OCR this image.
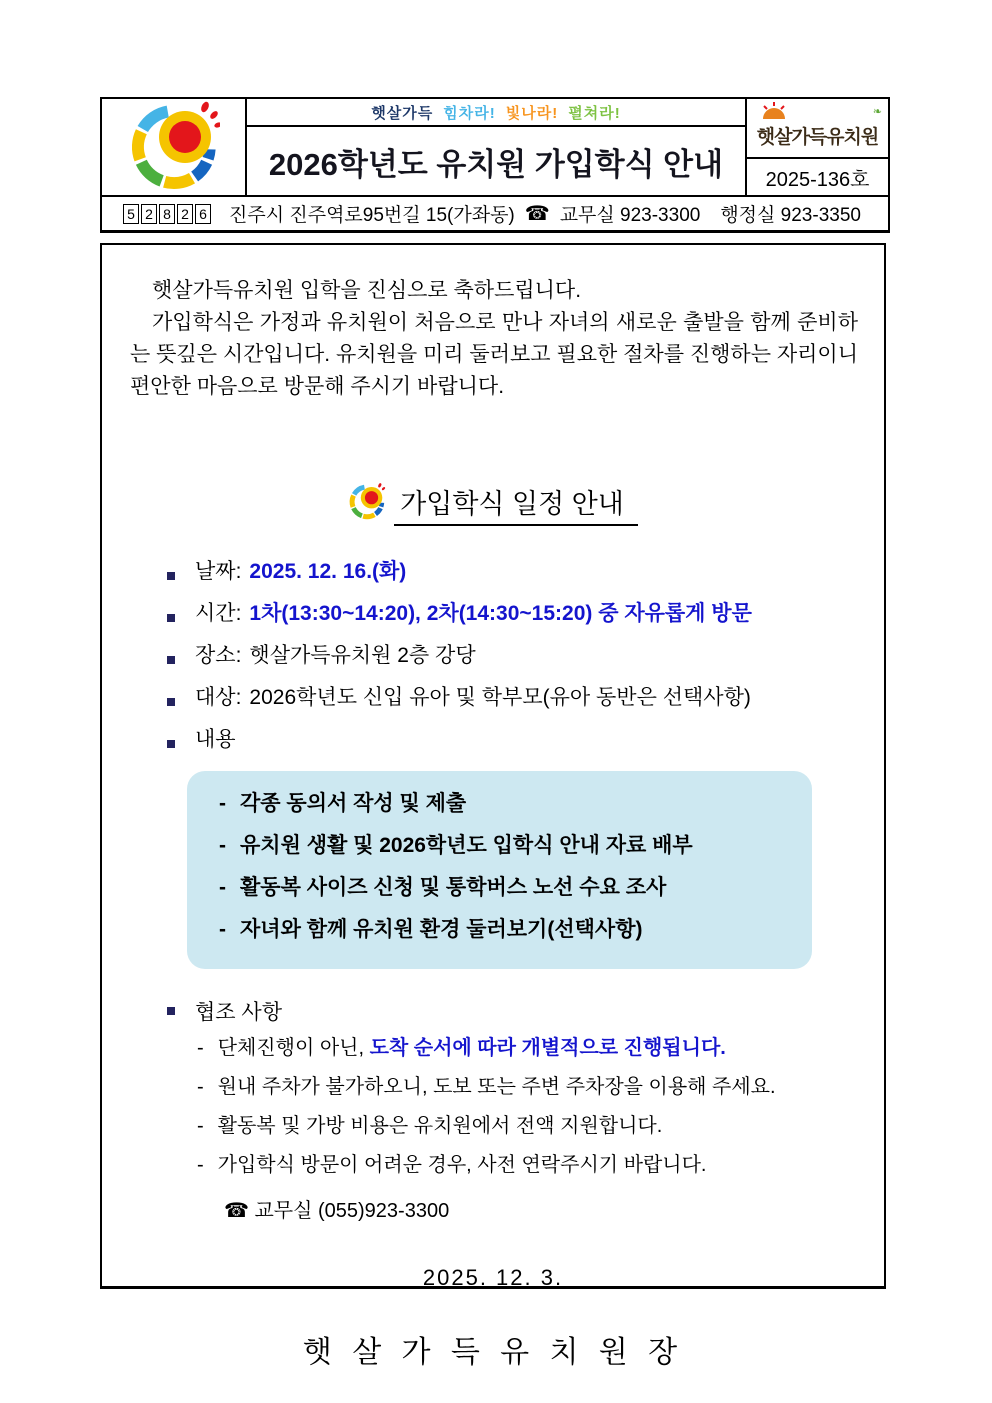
햇살가득 힘차라! 빛나라! 펼쳐라!
2026학년도 유치원 가입학식 안내
❧
햇살가득유치원
2025-136호
5 2 8 2 6 진주시 진주역로95번길 15(가좌동) ☎ 교무실 923-3300 행정실 923-3350

햇살가득유치원 입학을 진심으로 축하드립니다.

가입학식은 가정과 유치원이 처음으로 만나 자녀의 새로운 출발을 함께 준비하는 뜻깊은 시간입니다. 유치원을 미리 둘러보고 필요한 절차를 진행하는 자리이니 편안한 마음으로 방문해 주시기 바랍니다.

가입학식 일정 안내
날짜: 2025. 12. 16.(화)
시간: 1차(13:30~14:20), 2차(14:30~15:20) 중 자유롭게 방문
장소: 햇살가득유치원 2층 강당
대상: 2026학년도 신입 유아 및 학부모(유아 동반은 선택사항)
내용
- 각종 동의서 작성 및 제출
- 유치원 생활 및 2026학년도 입학식 안내 자료 배부
- 활동복 사이즈 신청 및 통학버스 노선 수요 조사
- 자녀와 함께 유치원 환경 둘러보기(선택사항)
협조 사항
- 단체진행이 아닌, 도착 순서에 따라 개별적으로 진행됩니다.
- 원내 주차가 불가하오니, 도보 또는 주변 주차장을 이용해 주세요.
- 활동복 및 가방 비용은 유치원에서 전액 지원합니다.
- 가입학식 방문이 어려운 경우, 사전 연락주시기 바랍니다.
☎ 교무실 (055)923-3300
2025. 12. 3.
햇 살 가 득 유 치 원 장
